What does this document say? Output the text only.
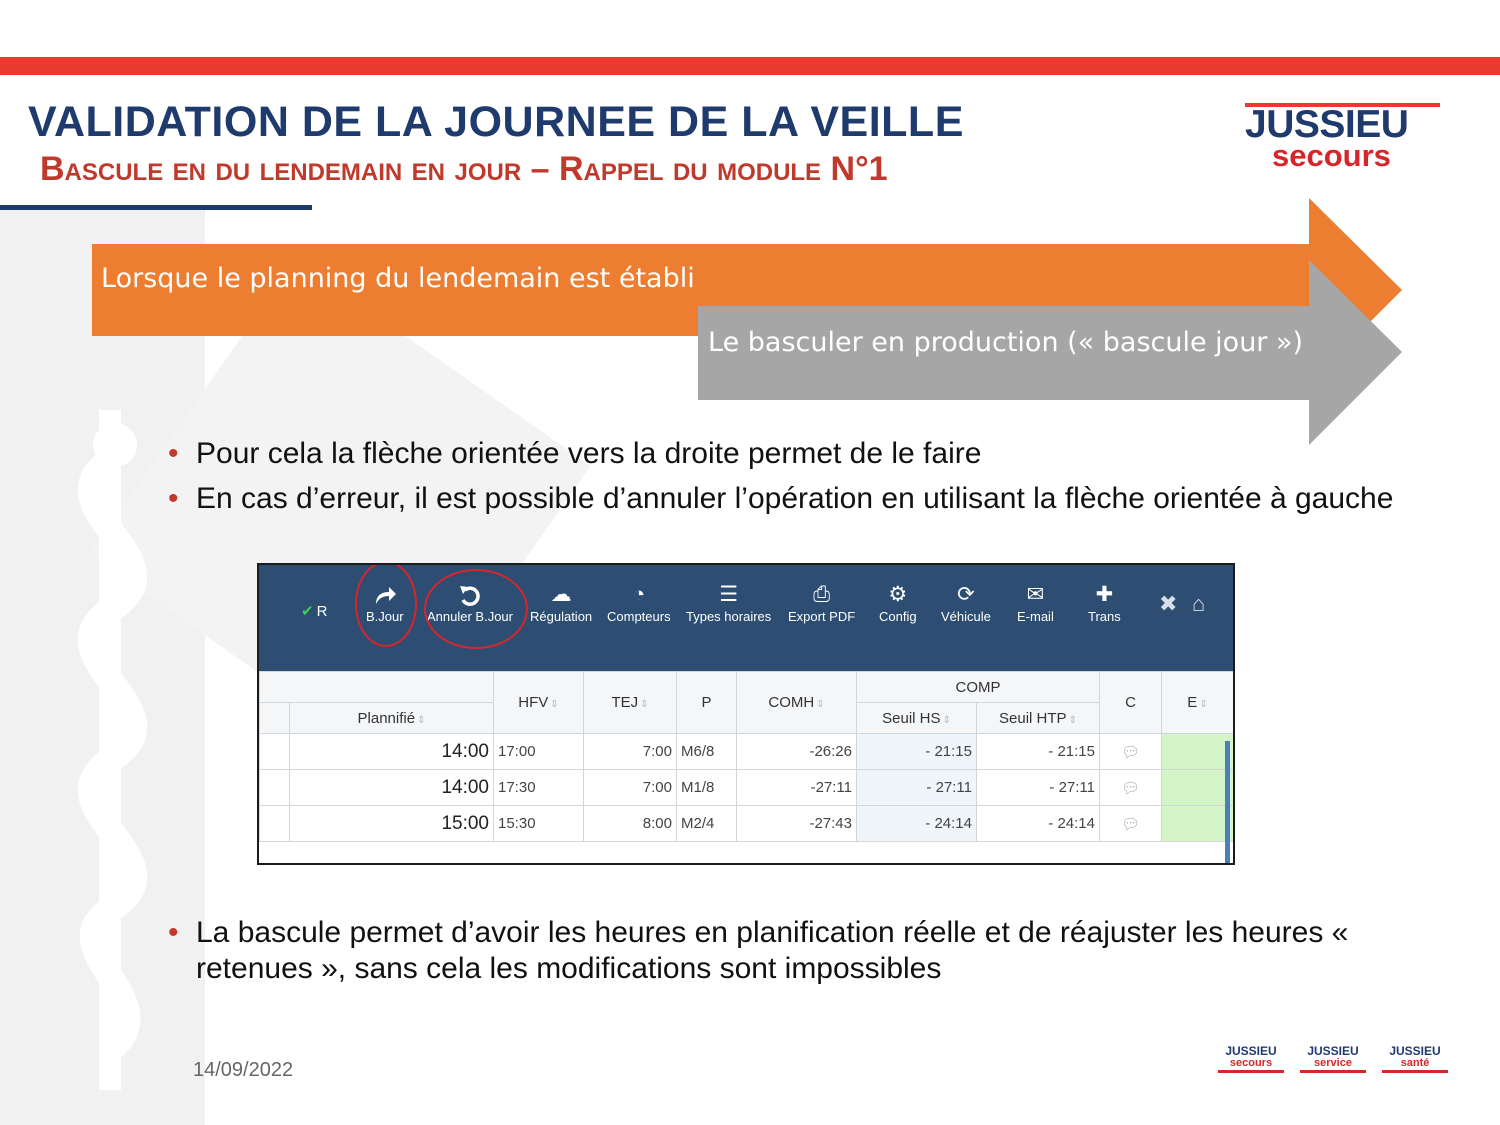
VALIDATION DE LA JOURNEE DE LA VEILLE
Bascule en du lendemain en jour – Rappel du module N°1
JUSSIEU
secours
Lorsque le planning du lendemain est établi
Le basculer en production (« bascule jour »)
• Pour cela la flèche orientée vers la droite permet de le faire
• En cas d’erreur, il est possible d’annuler l’opération en utilisant la flèche orientée à gauche
✔ R	B.Jour Annuler B.Jour
☁
Régulation
◔
Compteurs
☰
Types horaires
⎙
Export PDF
⚙
Config
⟳
Véhicule
✉
E-mail
✚
Trans
✖ ⌂
		HFV ⇕	TEJ ⇕	P	COMH ⇕	COMP		C	E ⇕
	Plannifié ⇕					Seuil HS ⇕	Seuil HTP ⇕		
	14:00	17:00	7:00	M6/8	-26:26	- 21:15	- 21:15	💬︎	
	14:00	17:30	7:00	M1/8	-27:11	- 27:11	- 27:11	💬︎	
	15:00	15:30	8:00	M2/4	-27:43	- 24:14	- 24:14	💬︎	
• La bascule permet d’avoir les heures en planification réelle et de réajuster les heures « retenues », sans cela les modifications sont impossibles
14/09/2022
JUSSIEU
secours
JUSSIEU
service
JUSSIEU
santé
